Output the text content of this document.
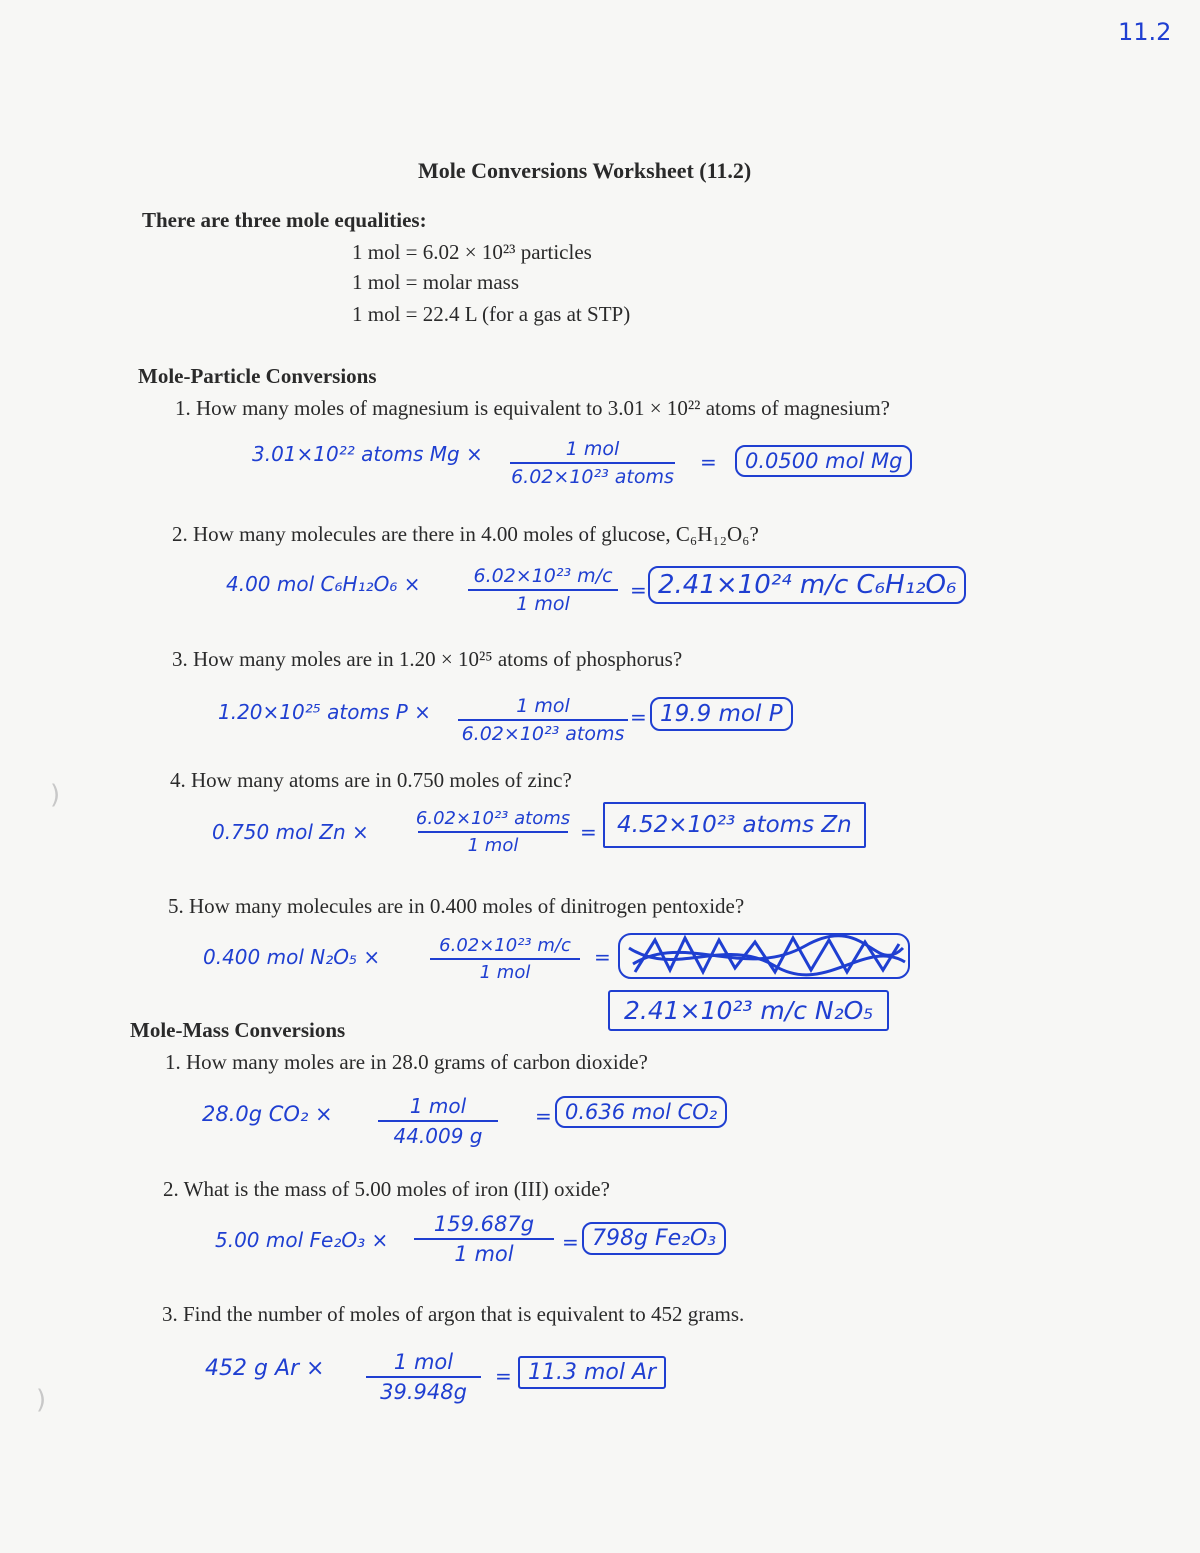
11.2
)
)
Mole Conversions Worksheet (11.2)
There are three mole equalities:
1 mol = 6.02 × 10²³ particles
1 mol = molar mass
1 mol = 22.4 L (for a gas at STP)
Mole-Particle Conversions
1. How many moles of magnesium is equivalent to 3.01 × 10²² atoms of magnesium?
3.01×10²² atoms Mg ×	1 mol
6.02×10²³ atoms
=	0.0500 mol Mg
2. How many molecules are there in 4.00 moles of glucose, C₆H₁₂O₆?
4.00 mol C₆H₁₂O₆ ×	6.02×10²³ m/c
1 mol
= 2.41×10²⁴ m/c C₆H₁₂O₆
3. How many moles are in 1.20 × 10²⁵ atoms of phosphorus?
1.20×10²⁵ atoms P ×	1 mol
6.02×10²³ atoms
= 19.9 mol P
4. How many atoms are in 0.750 moles of zinc?
0.750 mol Zn ×
6.02×10²³ atoms
1 mol
= 4.52×10²³ atoms Zn
5. How many molecules are in 0.400 moles of dinitrogen pentoxide?
0.400 mol N₂O₅ ×	6.02×10²³ m/c
1 mol
=
2.41×10²³ m/c N₂O₅
Mole-Mass Conversions
1. How many moles are in 28.0 grams of carbon dioxide?
28.0g CO₂ ×	1 mol
44.009 g
= 0.636 mol CO₂
2. What is the mass of 5.00 moles of iron (III) oxide?
5.00 mol Fe₂O₃ ×
159.687g
1 mol = 798g Fe₂O₃
3. Find the number of moles of argon that is equivalent to 452 grams.
452 g Ar ×	1 mol
39.948g
= 11.3 mol Ar
